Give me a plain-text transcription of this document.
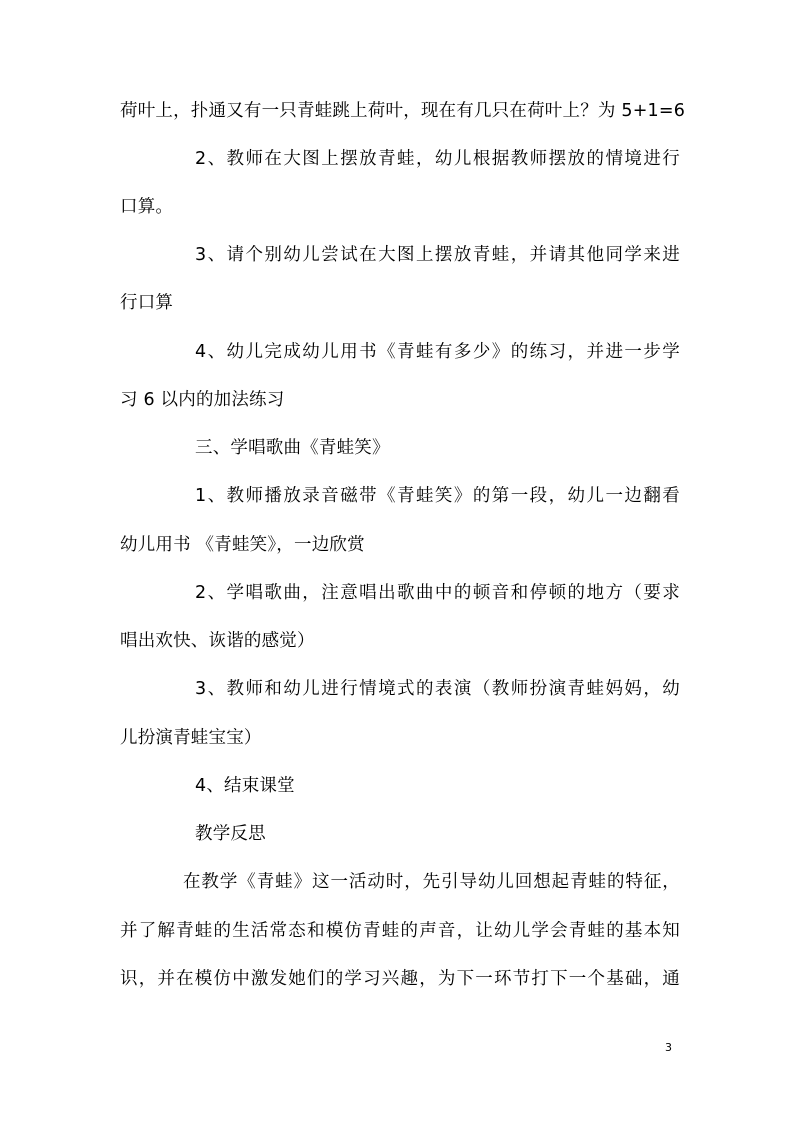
荷叶上，扑通又有一只青蛙跳上荷叶，现在有几只在荷叶上？为 5+1=6
2、教师在大图上摆放青蛙，幼儿根据教师摆放的情境进行
口算。
3、请个别幼儿尝试在大图上摆放青蛙，并请其他同学来进
行口算
4、幼儿完成幼儿用书《青蛙有多少》的练习，并进一步学
习 6 以内的加法练习
三、学唱歌曲《青蛙笑》
1、教师播放录音磁带《青蛙笑》的第一段，幼儿一边翻看
幼儿用书 《青蛙笑》，一边欣赏
2、学唱歌曲，注意唱出歌曲中的顿音和停顿的地方（要求
唱出欢快、诙谐的感觉）
3、教师和幼儿进行情境式的表演（教师扮演青蛙妈妈，幼
儿扮演青蛙宝宝）
4、结束课堂
教学反思
在教学《青蛙》这一活动时，先引导幼儿回想起青蛙的特征，
并了解青蛙的生活常态和模仿青蛙的声音，让幼儿学会青蛙的基本知
识，并在模仿中激发她们的学习兴趣，为下一环节打下一个基础，通
3
